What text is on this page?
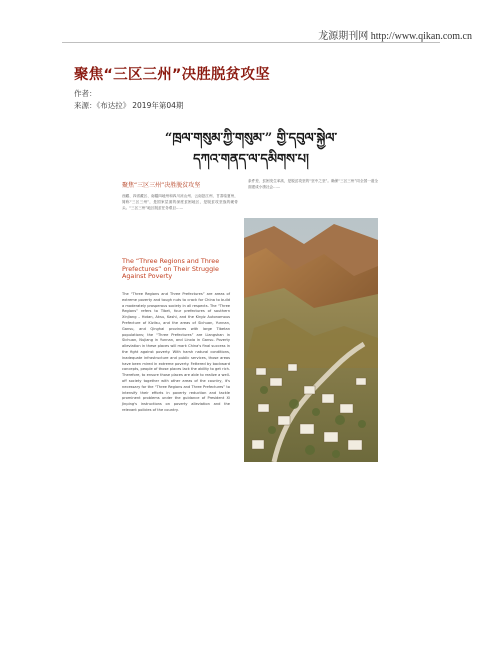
龙源期刊网 http://www.qikan.com.cn
聚焦“三区三州”决胜脱贫攻坚
作者：
来源：《布达拉》 2019年第04期
“ཁྲལ་གསུམ་ཀྱི་གསུམ་” གྱི་དབུལ་སྐྱེལ་
དཀའ་གནད་ལ་དམིགས་པ།
聚焦“三区三州”决胜脱贫攻坚
西藏、四省藏区、南疆四地州和四川凉山州、云南怒江州、甘肃临夏州，简称“三区三州”，是国家层面的深度贫困地区，是脱贫攻坚战的硬骨头。“三区三州”地区脱贫任务艰巨……
条件差、贫困发生率高，是脱贫攻坚的“坚中之坚”。确保“三区三州”同全国一道全面建成小康社会……
The “Three Regions and Three Prefectures” on Their Struggle Against Poverty
The “Three Regions and Three Prefectures” are areas of extreme poverty and tough nuts to crack for China to build a moderately prosperous society in all respects. The “Three Regions” refers to Tibet, four prefectures of southern Xinjiang – Hotan, Aksu, Kashi, and the Kirgiz Autonomous Prefecture of Kizilsu, and the areas of Sichuan, Yunnan, Gansu, and Qinghai provinces with large Tibetan populations; the “Three Prefectures” are Liangshan in Sichuan, Nujiang in Yunnan, and Linxia in Gansu. Poverty alleviation in these places will mark China's final success in the fight against poverty. With harsh natural conditions, inadequate infrastructure and public services, those areas have been mired in extreme poverty. Fettered by backward concepts, people of those places lack the ability to get rich. Therefore, to ensure those places are able to realize a well-off society together with other areas of the country, it's necessary for the “Three Regions and Three Prefectures” to intensify their efforts in poverty reduction and tackle prominent problems under the guidance of President Xi Jinping's instructions on poverty alleviation and the relevant policies of the country.
